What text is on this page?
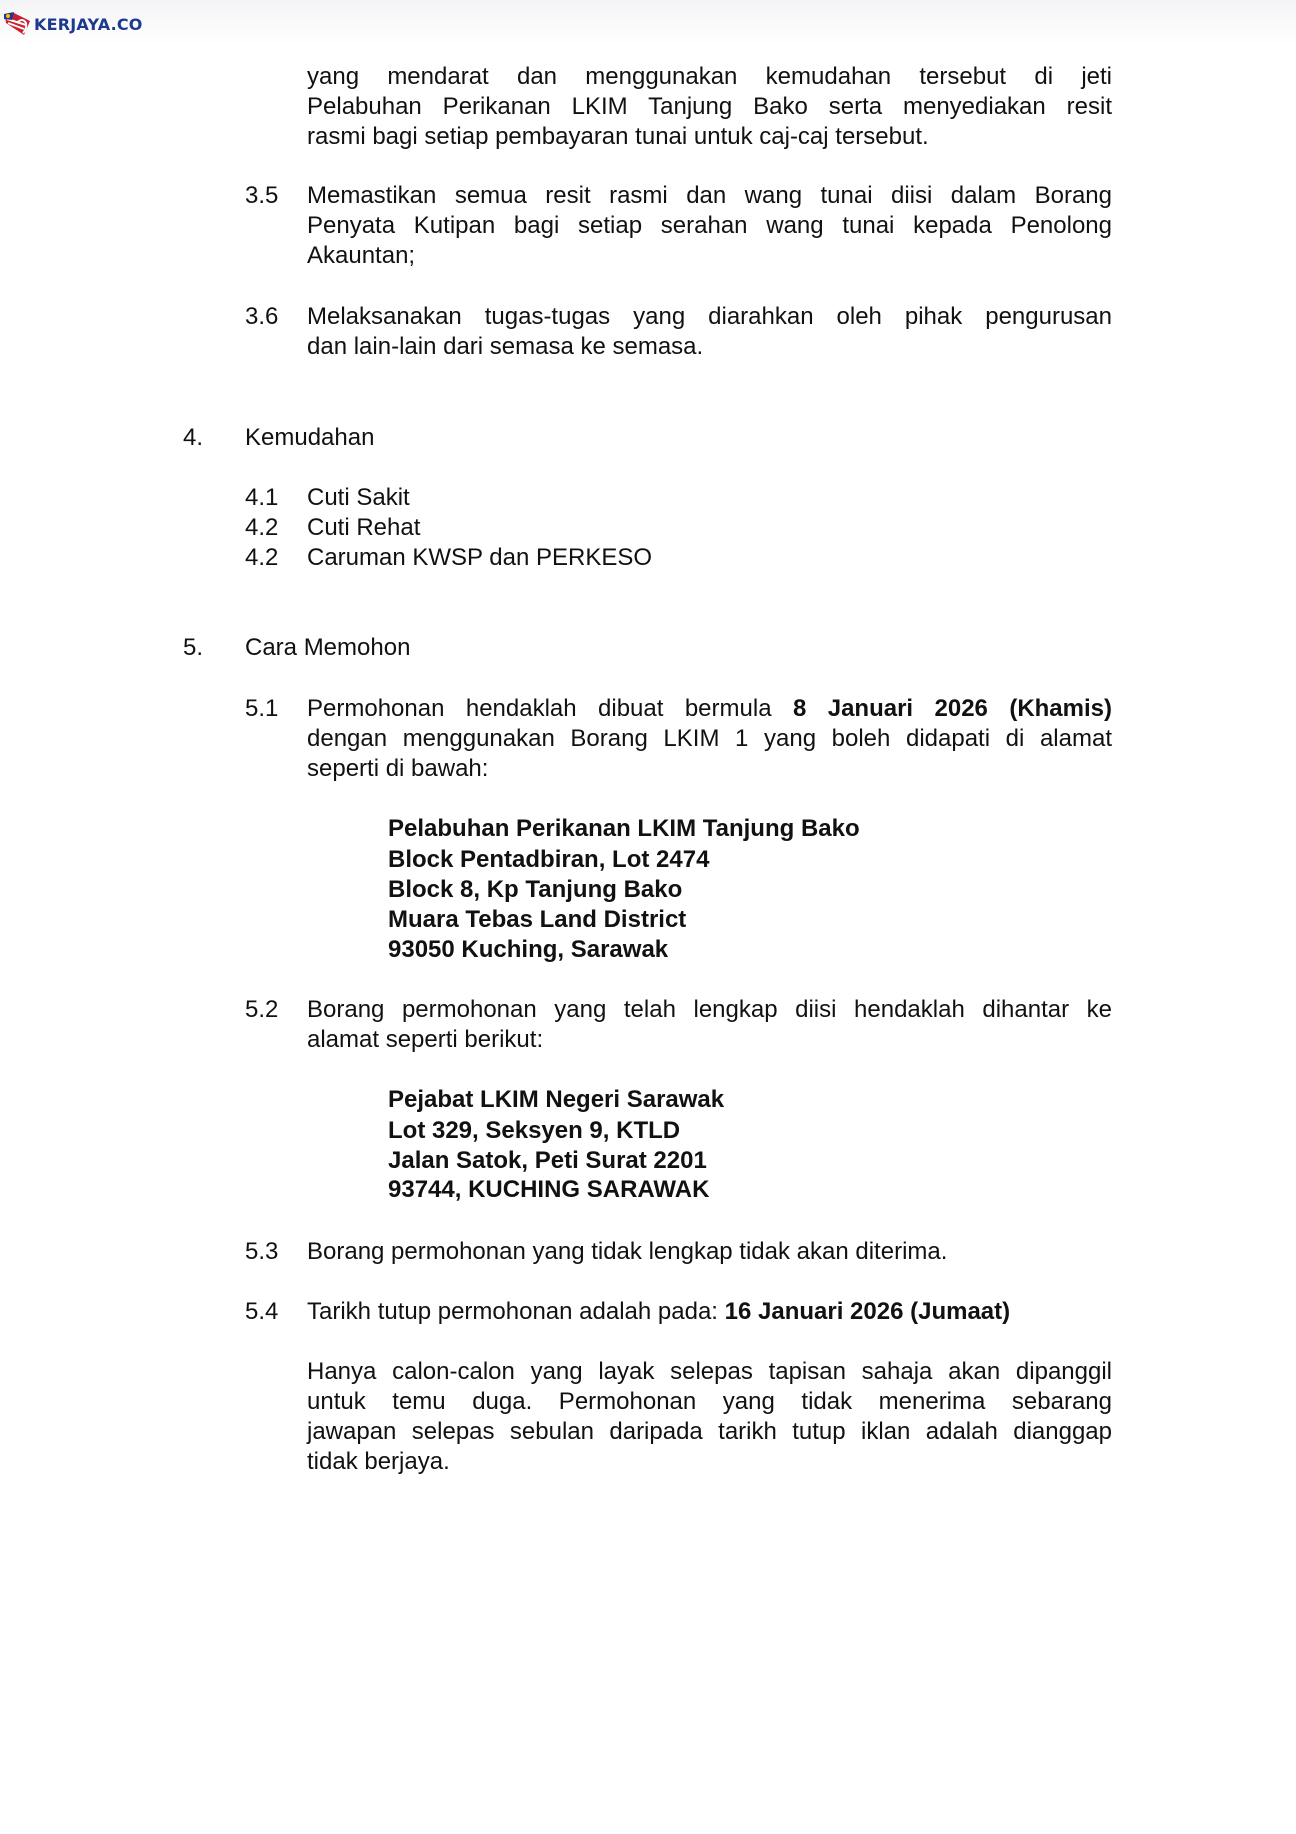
KERJAYA.CO
yang mendarat dan menggunakan kemudahan tersebut di jeti
Pelabuhan Perikanan LKIM Tanjung Bako serta menyediakan resit
rasmi bagi setiap pembayaran tunai untuk caj-caj tersebut.
3.5 Memastikan semua resit rasmi dan wang tunai diisi dalam Borang
Penyata Kutipan bagi setiap serahan wang tunai kepada Penolong
Akauntan;
3.6 Melaksanakan tugas-tugas yang diarahkan oleh pihak pengurusan
dan lain-lain dari semasa ke semasa.
4. Kemudahan
4.1 Cuti Sakit
4.2 Cuti Rehat
4.2 Caruman KWSP dan PERKESO
5. Cara Memohon
5.1 Permohonan hendaklah dibuat bermula 8 Januari 2026 (Khamis)
dengan menggunakan Borang LKIM 1 yang boleh didapati di alamat
seperti di bawah:
Pelabuhan Perikanan LKIM Tanjung Bako
Block Pentadbiran, Lot 2474
Block 8, Kp Tanjung Bako
Muara Tebas Land District
93050 Kuching, Sarawak
5.2 Borang permohonan yang telah lengkap diisi hendaklah dihantar ke
alamat seperti berikut:
Pejabat LKIM Negeri Sarawak
Lot 329, Seksyen 9, KTLD
Jalan Satok, Peti Surat 2201
93744, KUCHING SARAWAK
5.3 Borang permohonan yang tidak lengkap tidak akan diterima.
5.4 Tarikh tutup permohonan adalah pada: 16 Januari 2026 (Jumaat)
Hanya calon-calon yang layak selepas tapisan sahaja akan dipanggil
untuk temu duga. Permohonan yang tidak menerima sebarang
jawapan selepas sebulan daripada tarikh tutup iklan adalah dianggap
tidak berjaya.
